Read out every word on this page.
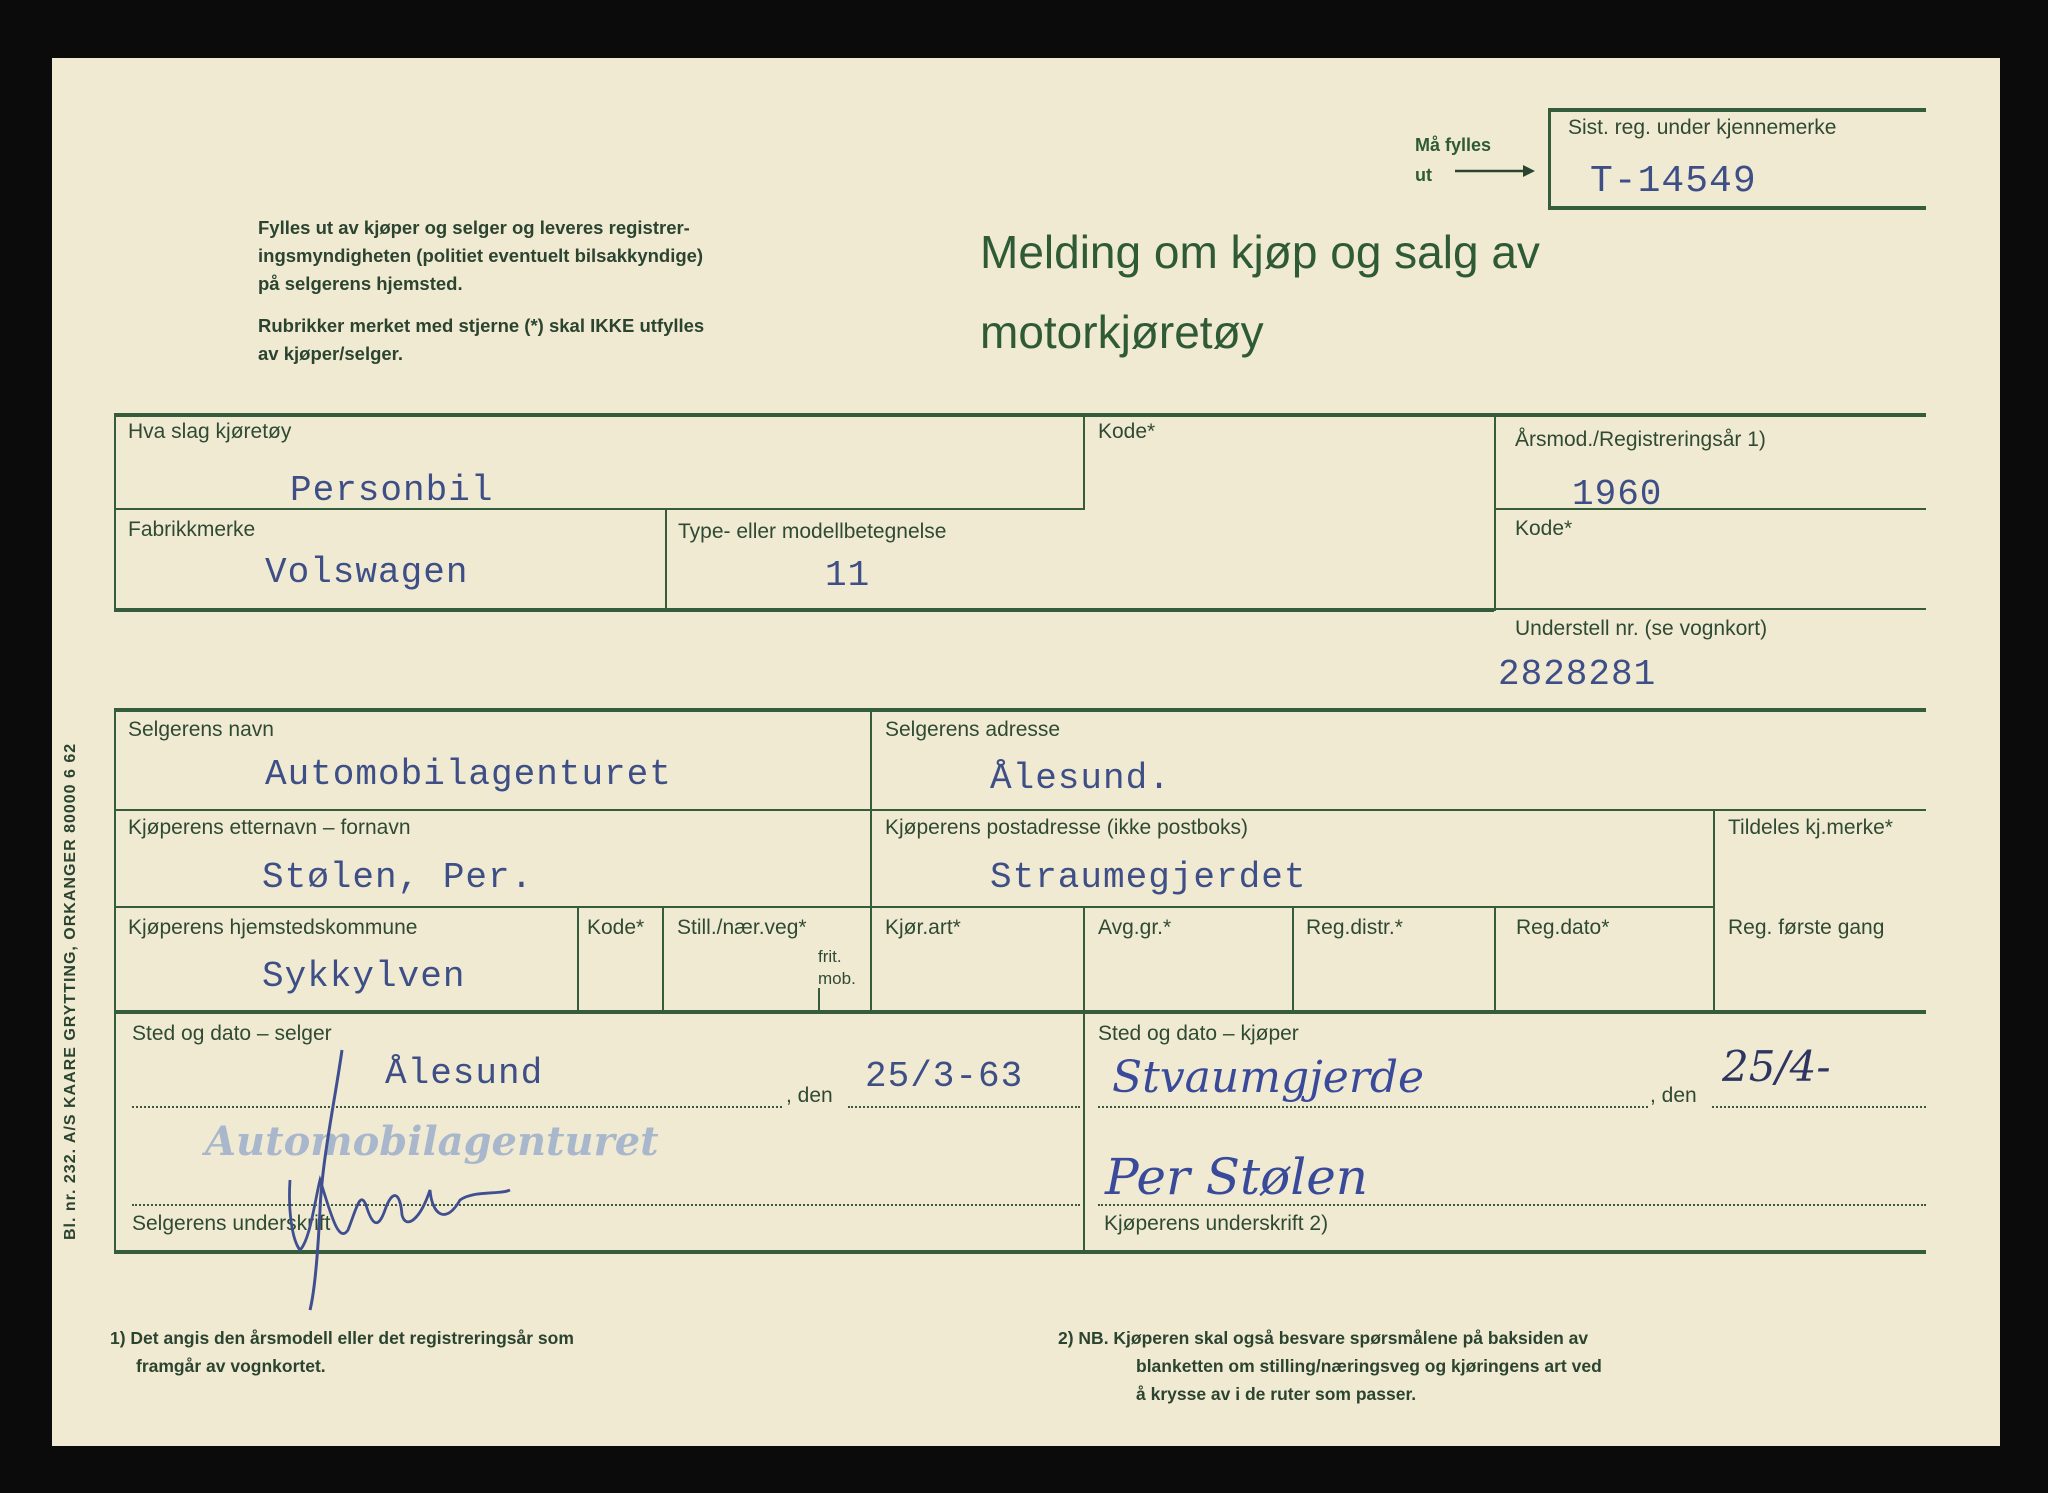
Må fylles
ut
Sist. reg. under kjennemerke
T-14549
Fylles ut av kjøper og selger og leveres registrer-
ingsmyndigheten (politiet eventuelt bilsakkyndige)
på selgerens hjemsted.
Rubrikker merket med stjerne (*) skal IKKE utfylles
av kjøper/selger.
Melding om kjøp og salg av
motorkjøretøy
Hva slag kjøretøy
Personbil
Kode*	Årsmod./Registreringsår 1)
1960
Fabrikkmerke
Volswagen
Type- eller modellbetegnelse
11
Kode*
Understell nr. (se vognkort)
2828281
Selgerens navn
Automobilagenturet
Selgerens adresse
Ålesund.
Kjøperens etternavn – fornavn
Stølen, Per.
Kjøperens postadresse (ikke postboks)
Straumegjerdet
Tildeles kj.merke*
Kjøperens hjemstedskommune
Sykkylven
Kode* Still./nær.veg*
frit.
mob.
Kjør.art*	Avg.gr.*	Reg.distr.*	Reg.dato*	Reg. første gang
Sted og dato – selger
Ålesund
, den 25/3-63
Automobilagenturet
Selgerens underskrift
Sted og dato – kjøper
Stvaumgjerde	, den
25/4-
Per Stølen
Kjøperens underskrift 2)
1) Det angis den årsmodell eller det registreringsår som
framgår av vognkortet.
2) NB. Kjøperen skal også besvare spørsmålene på baksiden av
blanketten om stilling/næringsveg og kjøringens art ved
å krysse av i de ruter som passer.
Bl. nr. 232. A/S KAARE GRYTTING, ORKANGER 80000 6 62
